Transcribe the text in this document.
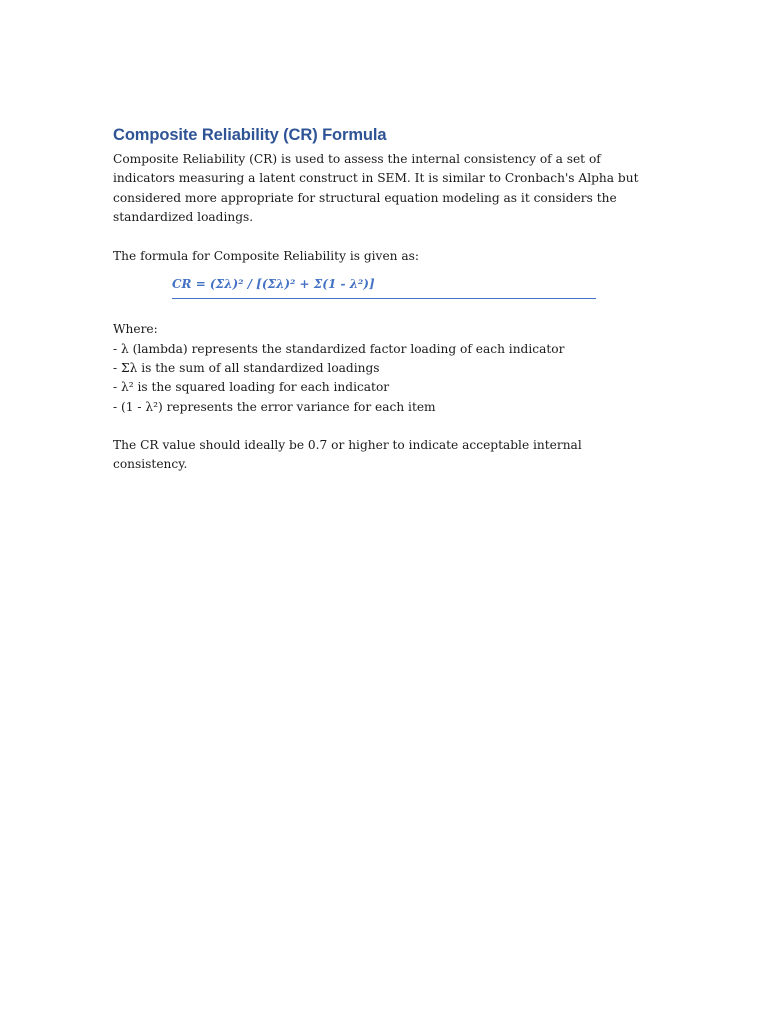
Composite Reliability (CR) Formula

Composite Reliability (CR) is used to assess the internal consistency of a set of indicators measuring a latent construct in SEM. It is similar to Cronbach's Alpha but considered more appropriate for structural equation modeling as it considers the standardized loadings.

The formula for Composite Reliability is given as:

CR = (Σλ)² / [(Σλ)² + Σ(1 - λ²)]

Where:

- λ (lambda) represents the standardized factor loading of each indicator
- Σλ is the sum of all standardized loadings
- λ² is the squared loading for each indicator
- (1 - λ²) represents the error variance for each item

The CR value should ideally be 0.7 or higher to indicate acceptable internal consistency.
